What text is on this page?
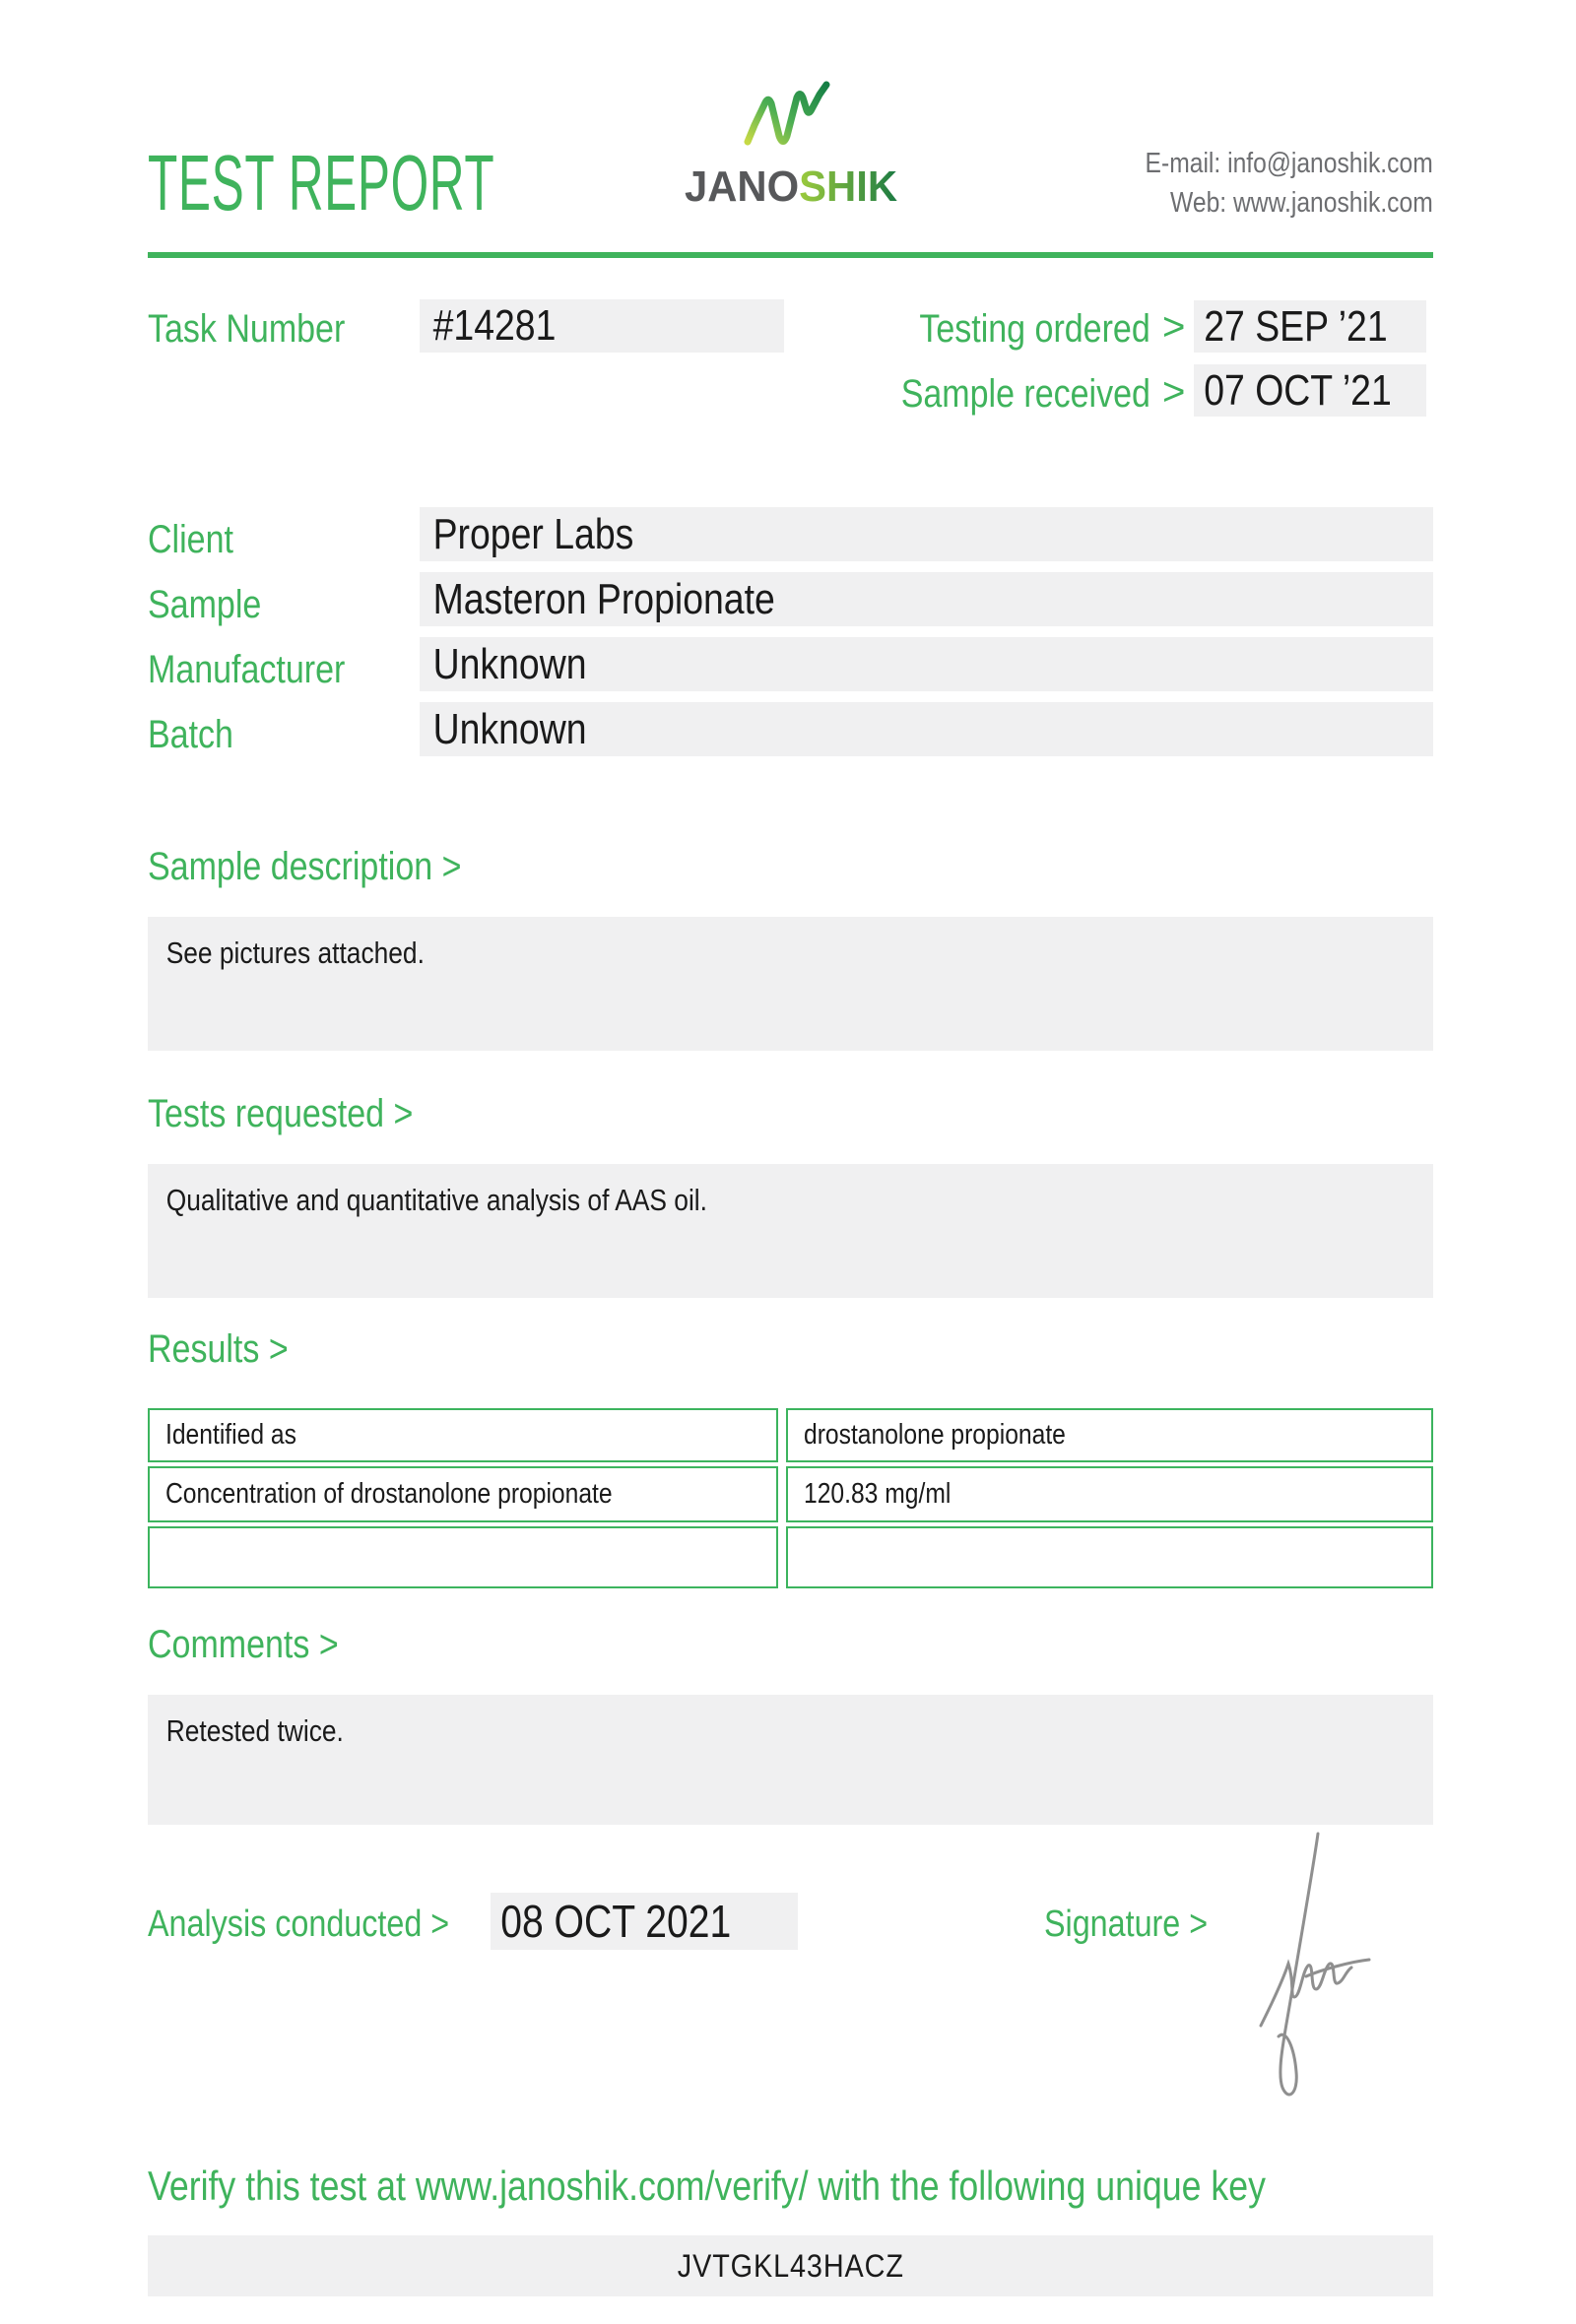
TEST REPORT	JANOSHIK	E-mail: info@janoshik.com
Web: www.janoshik.com
Task Number	#14281	Testing ordered > 27 SEP ’21
Sample received > 07 OCT ’21
Client	Proper Labs
Sample	Masteron Propionate
Manufacturer	Unknown
Batch	Unknown
Sample description >
See pictures attached.
Tests requested >
Qualitative and quantitative analysis of AAS oil.
Results >
Identified as	drostanolone propionate
Concentration of drostanolone propionate	120.83 mg/ml
Comments >
Retested twice.
Analysis conducted > 08 OCT 2021	Signature >
Verify this test at www.janoshik.com/verify/ with the following unique key
JVTGKL43HACZ
